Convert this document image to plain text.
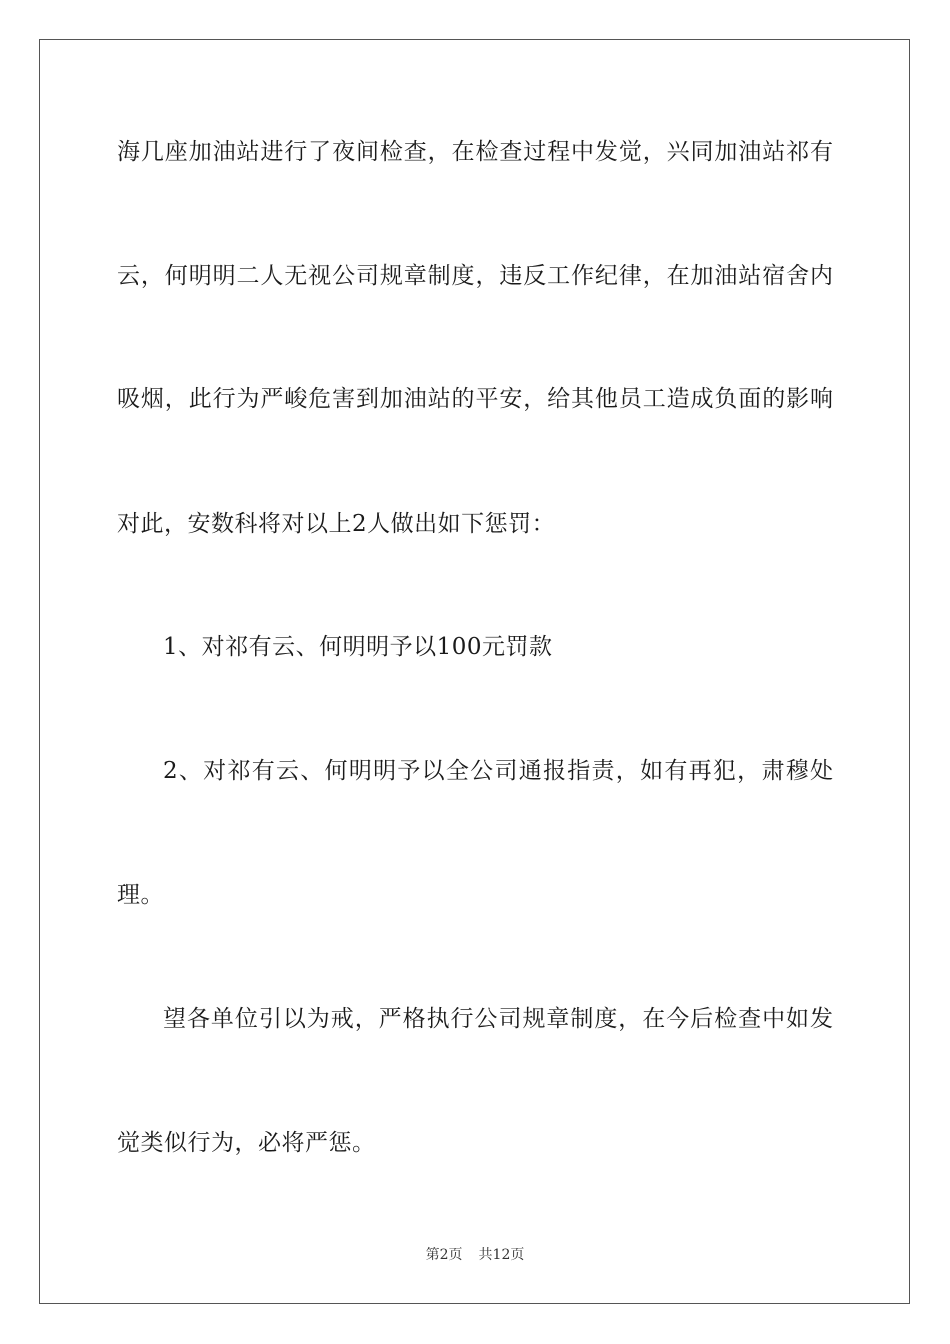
海几座加油站进行了夜间检查，在检查过程中发觉，兴同加油站祁有
云，何明明二人无视公司规章制度，违反工作纪律，在加油站宿舍内
吸烟，此行为严峻危害到加油站的平安，给其他员工造成负面的影响
对此，安数科将对以上2人做出如下惩罚：
1、对祁有云、何明明予以100元罚款
2、对祁有云、何明明予以全公司通报指责，如有再犯，肃穆处
理。
望各单位引以为戒，严格执行公司规章制度，在今后检查中如发
觉类似行为，必将严惩。
第2页 共12页
